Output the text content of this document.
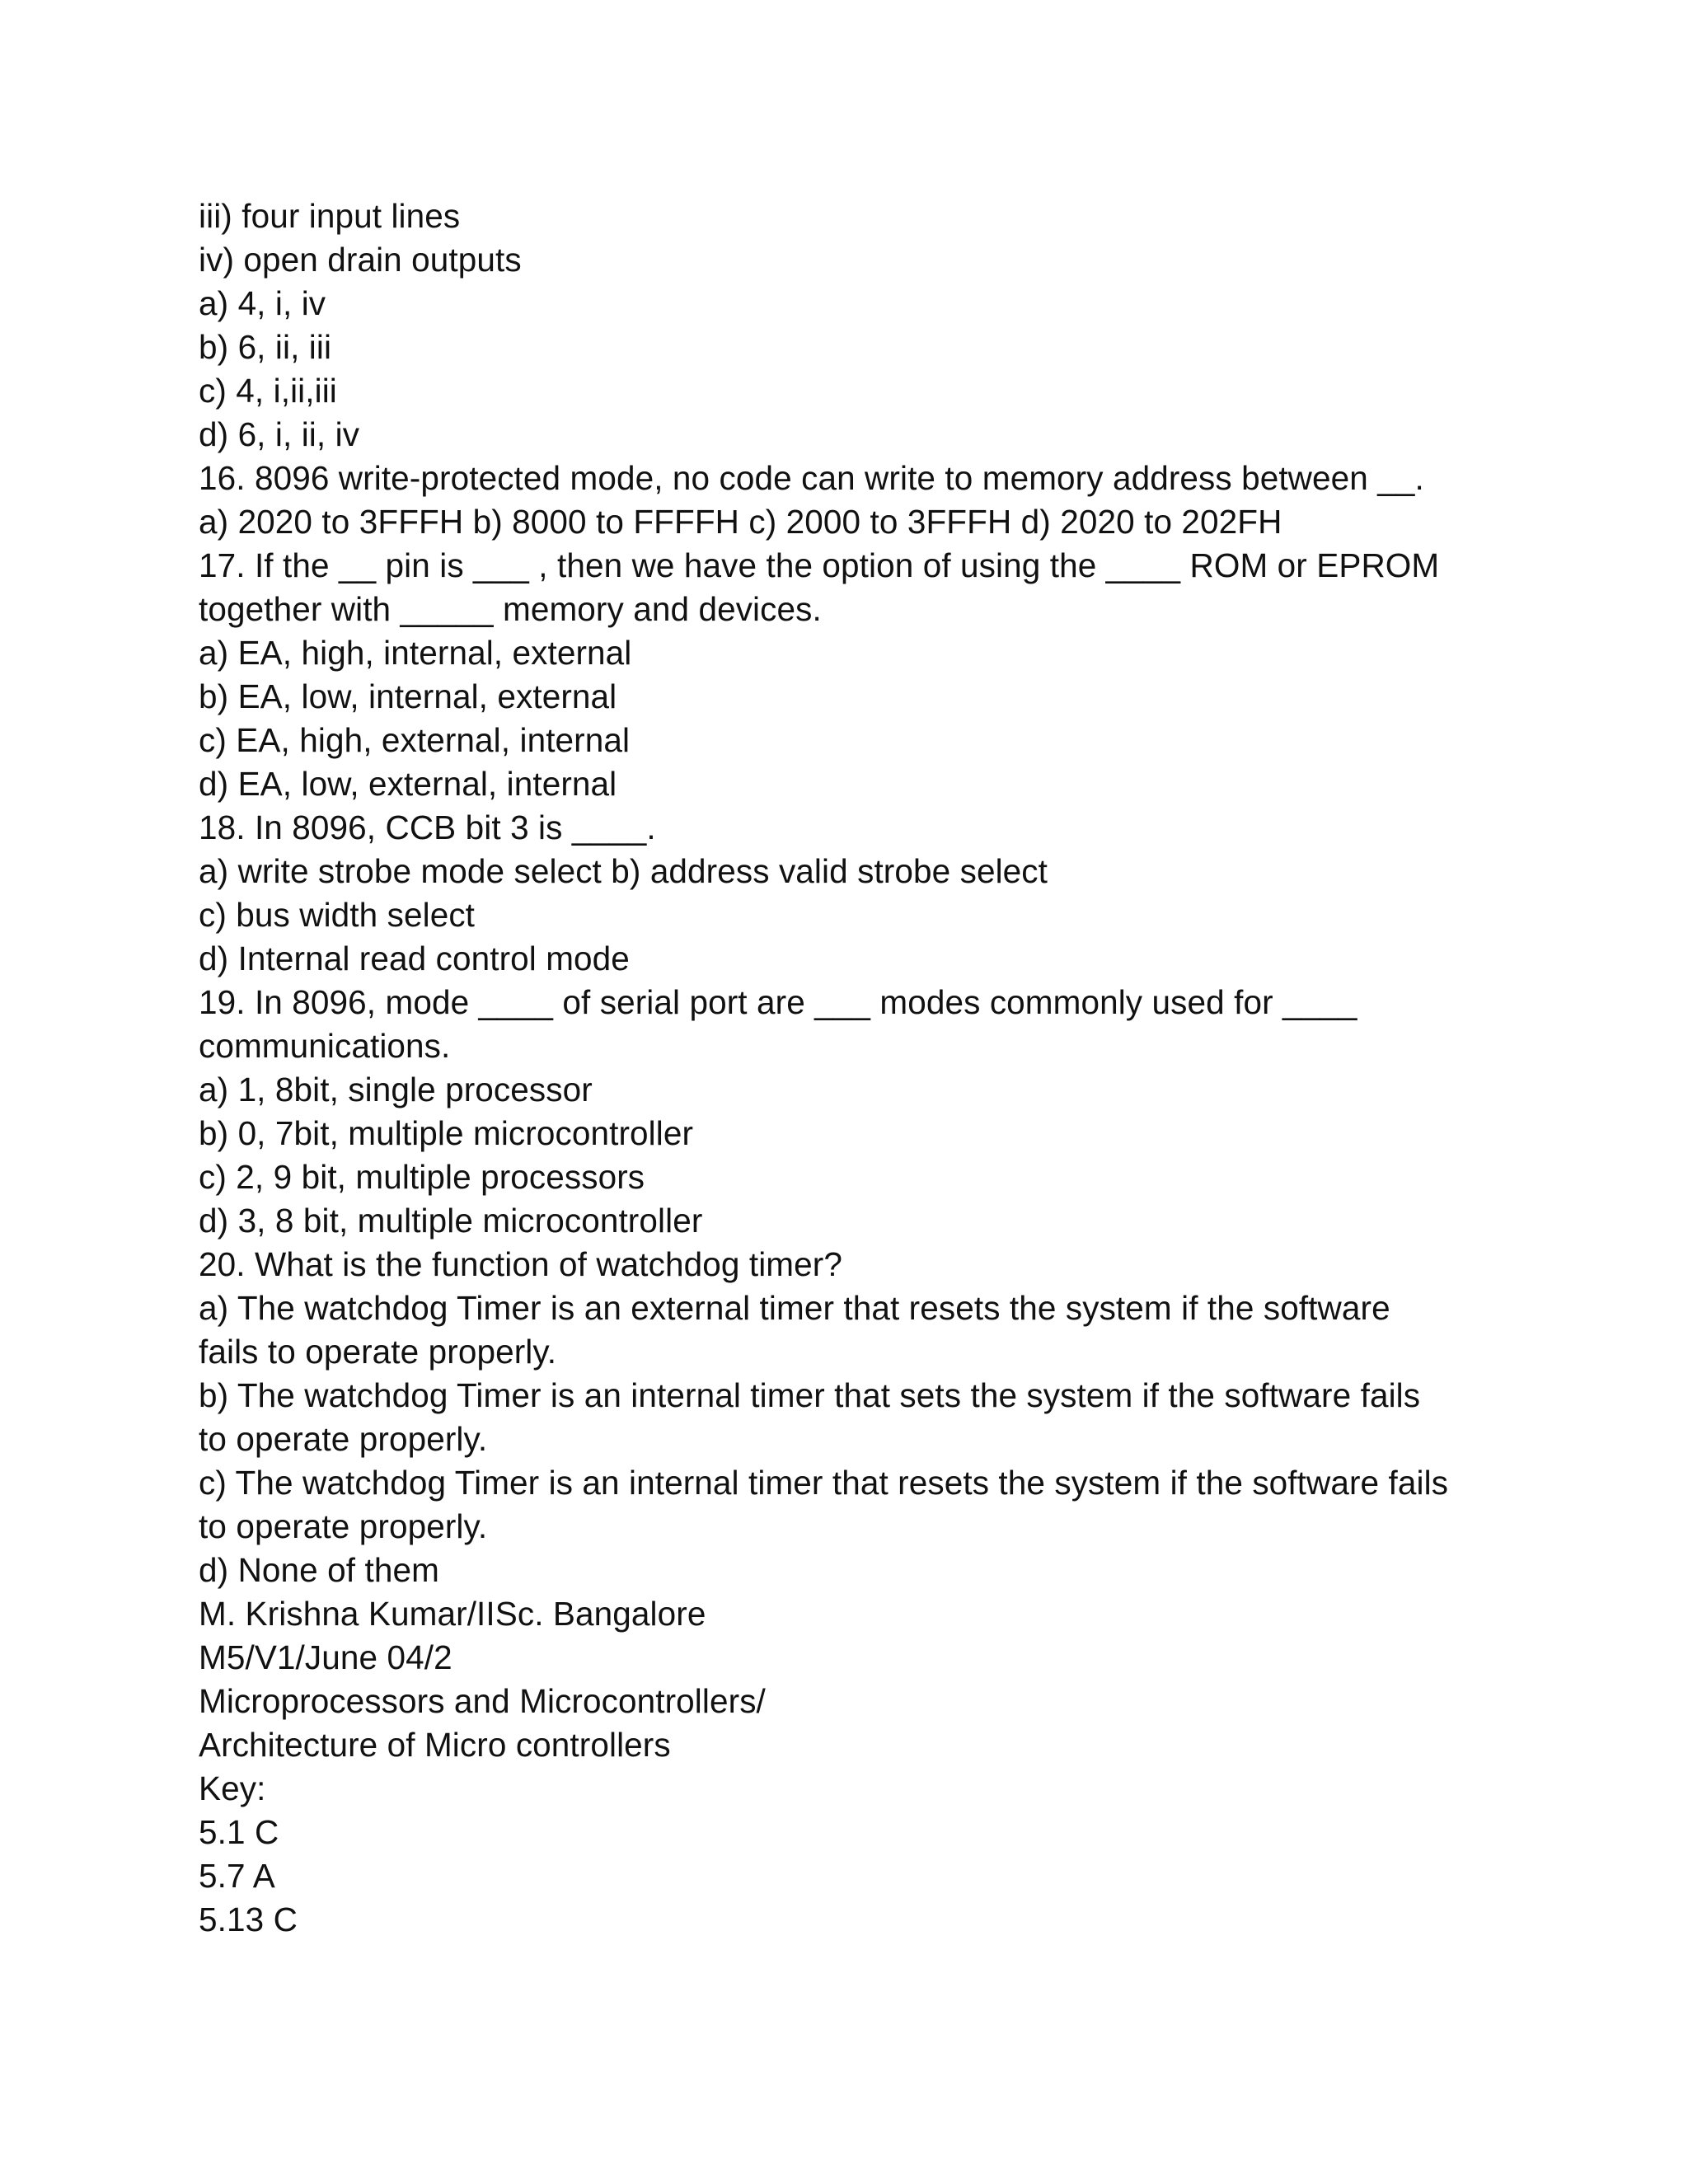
iii) four input lines
iv) open drain outputs
a) 4, i, iv
b) 6, ii, iii
c) 4, i,ii,iii
d) 6, i, ii, iv
16. 8096 write-protected mode, no code can write to memory address between __.
a) 2020 to 3FFFH b) 8000 to FFFFH c) 2000 to 3FFFH d) 2020 to 202FH
17. If the __ pin is ___ , then we have the option of using the ____ ROM or EPROM
together with _____ memory and devices.
a) EA, high, internal, external
b) EA, low, internal, external
c) EA, high, external, internal
d) EA, low, external, internal
18. In 8096, CCB bit 3 is ____.
a) write strobe mode select b) address valid strobe select
c) bus width select
d) Internal read control mode
19. In 8096, mode ____ of serial port are ___ modes commonly used for ____
communications.
a) 1, 8bit, single processor
b) 0, 7bit, multiple microcontroller
c) 2, 9 bit, multiple processors
d) 3, 8 bit, multiple microcontroller
20. What is the function of watchdog timer?
a) The watchdog Timer is an external timer that resets the system if the software
fails to operate properly.
b) The watchdog Timer is an internal timer that sets the system if the software fails
to operate properly.
c) The watchdog Timer is an internal timer that resets the system if the software fails
to operate properly.
d) None of them
M. Krishna Kumar/IISc. Bangalore
M5/V1/June 04/2
Microprocessors and Microcontrollers/
Architecture of Micro controllers
Key:
5.1 C
5.7 A
5.13 C
